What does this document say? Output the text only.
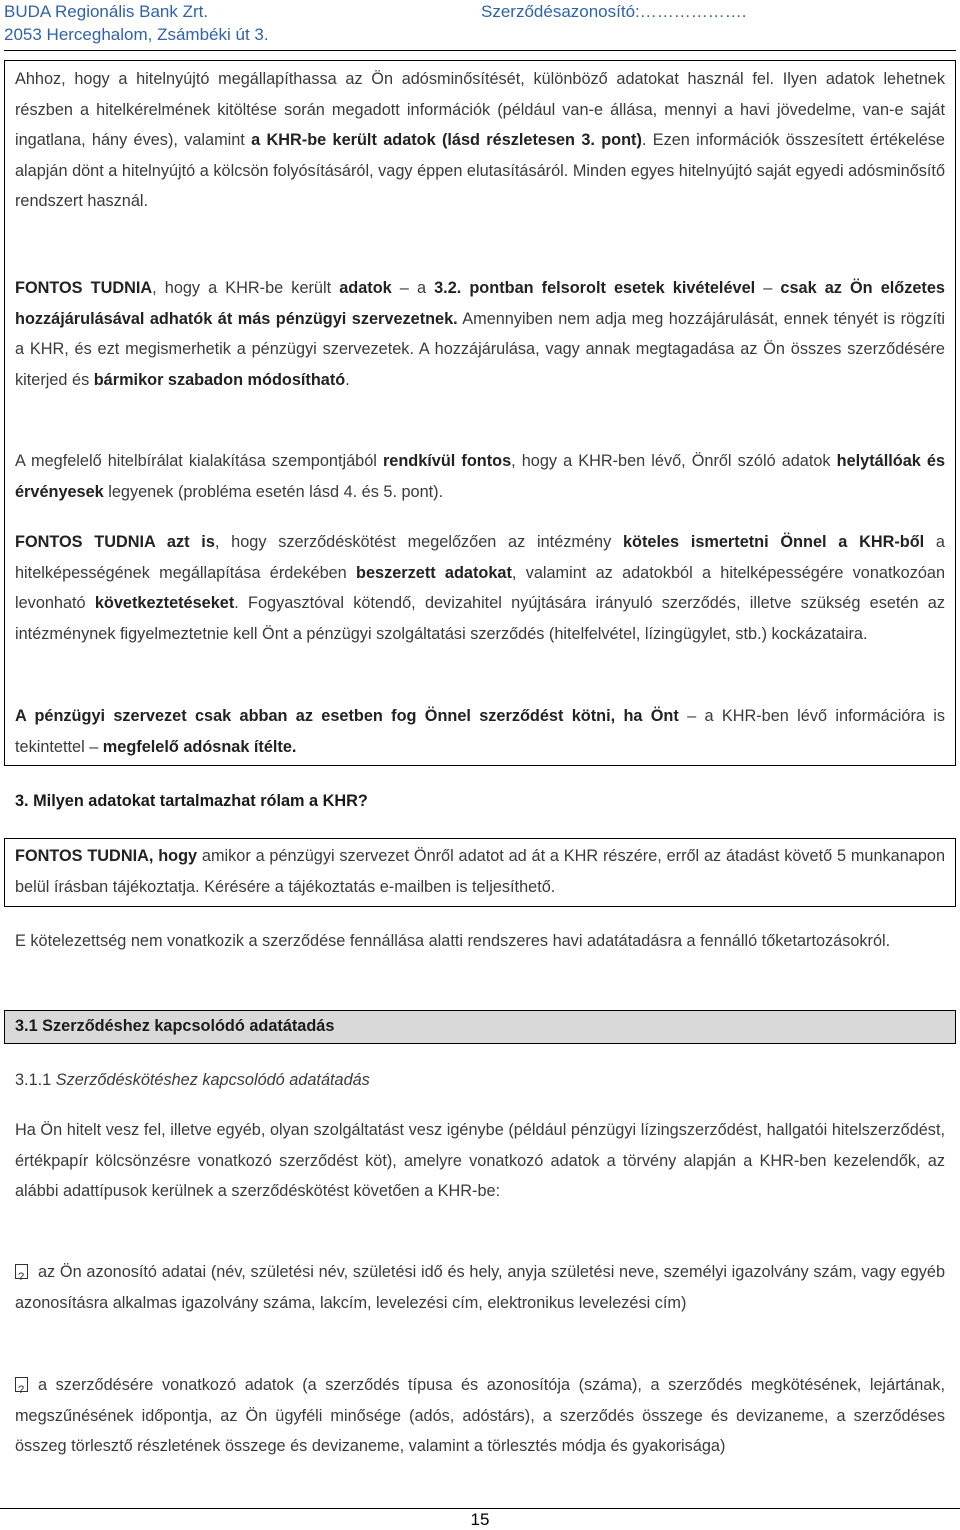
BUDA Regionális Bank Zrt.
2053 Herceghalom, Zsámbéki út 3.
Szerződésazonosító:……………….

Ahhoz, hogy a hitelnyújtó megállapíthassa az Ön adósminősítését, különböző adatokat használ fel. Ilyen adatok lehetnek részben a hitelkérelmének kitöltése során megadott információk (például van-e állása, mennyi a havi jövedelme, van-e saját ingatlana, hány éves), valamint a KHR-be került adatok (lásd részletesen 3. pont). Ezen információk összesített értékelése alapján dönt a hitelnyújtó a kölcsön folyósításáról, vagy éppen elutasításáról. Minden egyes hitelnyújtó saját egyedi adósminősítő rendszert használ.

FONTOS TUDNIA, hogy a KHR-be került adatok – a 3.2. pontban felsorolt esetek kivételével – csak az Ön előzetes hozzájárulásával adhatók át más pénzügyi szervezetnek. Amennyiben nem adja meg hozzájárulását, ennek tényét is rögzíti a KHR, és ezt megismerhetik a pénzügyi szervezetek. A hozzájárulása, vagy annak megtagadása az Ön összes szerződésére kiterjed és bármikor szabadon módosítható.

A megfelelő hitelbírálat kialakítása szempontjából rendkívül fontos, hogy a KHR-ben lévő, Önről szóló adatok helytállóak és érvényesek legyenek (probléma esetén lásd 4. és 5. pont).

FONTOS TUDNIA azt is, hogy szerződéskötést megelőzően az intézmény köteles ismertetni Önnel a KHR-ből a hitelképességének megállapítása érdekében beszerzett adatokat, valamint az adatokból a hitelképességére vonatkozóan levonható következtetéseket. Fogyasztóval kötendő, devizahitel nyújtására irányuló szerződés, illetve szükség esetén az intézménynek figyelmeztetnie kell Önt a pénzügyi szolgáltatási szerződés (hitelfelvétel, lízingügylet, stb.) kockázataira.

A pénzügyi szervezet csak abban az esetben fog Önnel szerződést kötni, ha Önt – a KHR-ben lévő információra is tekintettel – megfelelő adósnak ítélte.

3. Milyen adatokat tartalmazhat rólam a KHR?

FONTOS TUDNIA, hogy amikor a pénzügyi szervezet Önről adatot ad át a KHR részére, erről az átadást követő 5 munkanapon belül írásban tájékoztatja. Kérésére a tájékoztatás e-mailben is teljesíthető.

E kötelezettség nem vonatkozik a szerződése fennállása alatti rendszeres havi adatátadásra a fennálló tőketartozásokról.

3.1 Szerződéshez kapcsolódó adatátadás

3.1.1 Szerződéskötéshez kapcsolódó adatátadás

Ha Ön hitelt vesz fel, illetve egyéb, olyan szolgáltatást vesz igénybe (például pénzügyi lízingszerződést, hallgatói hitelszerződést, értékpapír kölcsönzésre vonatkozó szerződést köt), amelyre vonatkozó adatok a törvény alapján a KHR-ben kezelendők, az alábbi adattípusok kerülnek a szerződéskötést követően a KHR-be:

?az Ön azonosító adatai (név, születési név, születési idő és hely, anyja születési neve, személyi igazolvány szám, vagy egyéb azonosításra alkalmas igazolvány száma, lakcím, levelezési cím, elektronikus levelezési cím)

?a szerződésére vonatkozó adatok (a szerződés típusa és azonosítója (száma), a szerződés megkötésének, lejártának, megszűnésének időpontja, az Ön ügyféli minősége (adós, adóstárs), a szerződés összege és devizaneme, a szerződéses összeg törlesztő részletének összege és devizaneme, valamint a törlesztés módja és gyakorisága)

15
